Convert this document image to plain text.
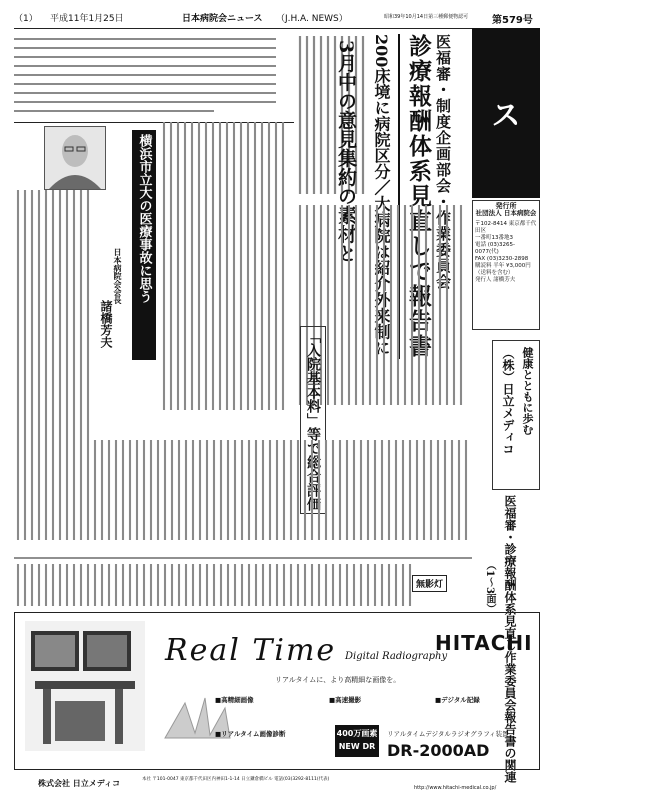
（1） 平成11年1月25日	日本病院会ニュース （J.H.A. NEWS）	昭和39年10月14日第三種郵便物認可 第579号
日本病院会ニュース
発行所
社団法人 日本病院会
〒102-8414 東京都千代田区
一番町13番地3
電話 (03)3265-0077(代)
FAX (03)3230-2898
購読料 半年 ¥3,000円
（送料を含む）
発行人 諸橋芳夫
医福審・制度企画部会・作業委員会
診療報酬体系見直しで報告書
200床境に病院区分／大病院は紹介外来制に
3月中の意見集約の素材と
横浜市立大の医療事故に思う
日本病院会会長
諸橋芳夫
「入院基本料」等で総合評価	健康とともに歩む
（株）日立メディコ
医福審・診療報酬体系見直し作業委員会報告書の関連
（1～3面）
無影灯
Real Time Digital Radiography
HITACHI
リアルタイムに、より高精細な画像を。
■高精細画像	■高速撮影	■デジタル記録
■リアルタイム画像診断	400万画素
NEW DR
リアルタイムデジタルラジオグラフィ装置
DR-2000AD
株式会社 日立メディコ	本社 〒101-0047 東京都千代田区内神田1-1-14 日立鎌倉橋ビル 電話(03)3292-8111(代表)
http://www.hitachi-medical.co.jp/
